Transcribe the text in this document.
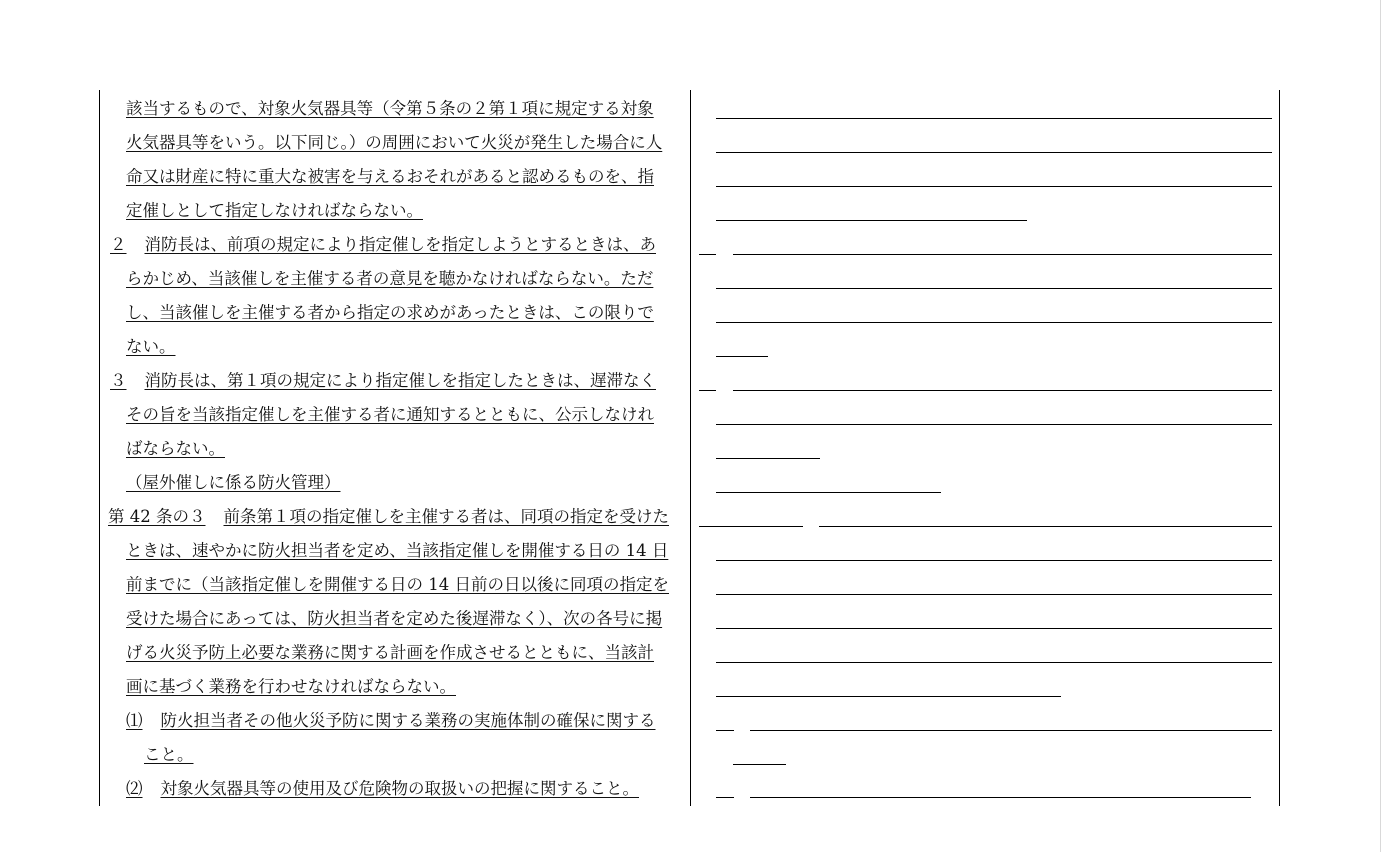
該当するもので、対象火気器具等（令第５条の２第１項に規定する対象
火気器具等をいう。以下同じ。）の周囲において火災が発生した場合に人
命又は財産に特に重大な被害を与えるおそれがあると認めるものを、指
定催しとして指定しなければならない。
２ 消防長は、前項の規定により指定催しを指定しようとするときは、あ
らかじめ、当該催しを主催する者の意見を聴かなければならない。ただ
し、当該催しを主催する者から指定の求めがあったときは、この限りで
ない。
３ 消防長は、第１項の規定により指定催しを指定したときは、遅滞なく
その旨を当該指定催しを主催する者に通知するとともに、公示しなけれ
ばならない。
（屋外催しに係る防火管理）
第 42 条の３ 前条第１項の指定催しを主催する者は、同項の指定を受けた
ときは、速やかに防火担当者を定め、当該指定催しを開催する日の 14 日
前までに（当該指定催しを開催する日の 14 日前の日以後に同項の指定を
受けた場合にあっては、防火担当者を定めた後遅滞なく）、次の各号に掲
げる火災予防上必要な業務に関する計画を作成させるとともに、当該計
画に基づく業務を行わせなければならない。
⑴ 防火担当者その他火災予防に関する業務の実施体制の確保に関する
こと。
⑵ 対象火気器具等の使用及び危険物の取扱いの把握に関すること。
